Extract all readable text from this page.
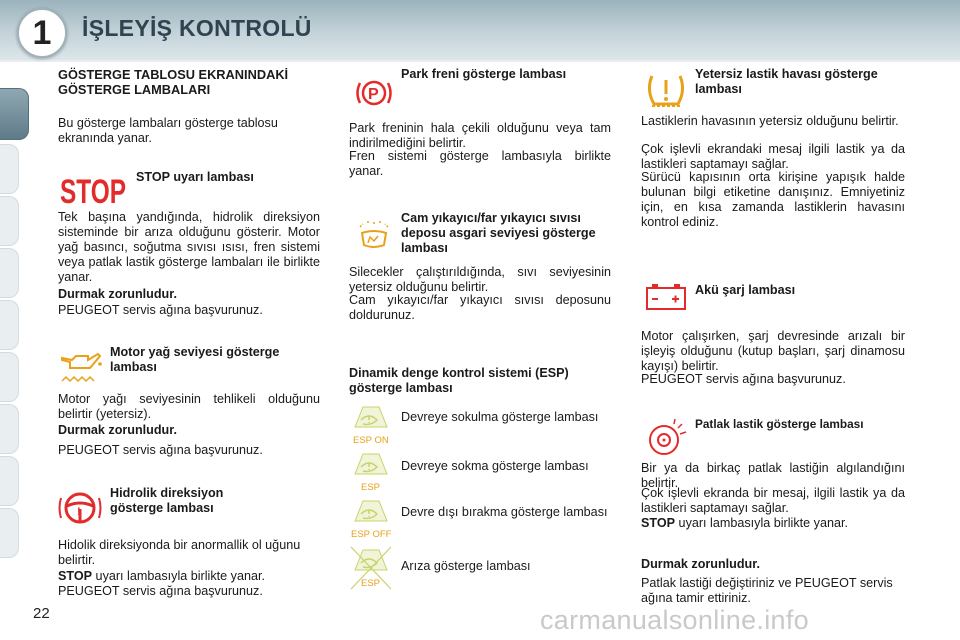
1	İŞLEYİŞ KONTROLÜ
GÖSTERGE TABLOSU EKRANINDAKİ
GÖSTERGE LAMBALARI

Bu gösterge lambaları gösterge tablosu ekranında yanar.

STOP STOP uyarı lambası

Tek başına yandığında, hidrolik direksiyon sisteminde bir arıza olduğunu gösterir. Motor yağ basıncı, soğutma sıvısı ısısı, fren sistemi veya patlak lastik gösterge lambaları ile birlikte yanar.

Durmak zorunludur.

PEUGEOT servis ağına başvurunuz.

Motor yağ seviyesi gösterge lambası

Motor yağı seviyesinin tehlikeli olduğunu belirtir (yetersiz).

Durmak zorunludur.

PEUGEOT servis ağına başvurunuz.

!

Hidrolik direksiyon gösterge lambası

Hidolik direksiyonda bir anormallik ol uğunu belirtir.

STOP uyarı lambasıyla birlikte yanar.

PEUGEOT servis ağına başvurunuz.

P

Park freni gösterge lambası

Park freninin hala çekili olduğunu veya tam indirilmediğini belirtir.

Fren sistemi gösterge lambasıyla birlikte yanar.

Cam yıkayıcı/far yıkayıcı sıvısı deposu asgari seviyesi gösterge lambası

Silecekler çalıştırıldığında, sıvı seviyesinin yetersiz olduğunu belirtir.

Cam yıkayıcı/far yıkayıcı sıvısı deposunu doldurunuz.

Dinamik denge kontrol sistemi (ESP) gösterge lambası

ESP ON

Devreye sokulma gösterge lambası

ESP

Devreye sokma gösterge lambası

ESP OFF

Devre dışı bırakma gösterge lambası

ESP

Arıza gösterge lambası

Yetersiz lastik havası gösterge lambası

Lastiklerin havasının yetersiz olduğunu belirtir.

Çok işlevli ekrandaki mesaj ilgili lastik ya da lastikleri saptamayı sağlar.

Sürücü kapısının orta kirişine yapışık halde bulunan bilgi etiketine danışınız. Emniyetiniz için, en kısa zamanda lastiklerin havasını kontrol ediniz.

Akü şarj lambası

Motor çalışırken, şarj devresinde arızalı bir işleyiş olduğunu (kutup başları, şarj dinamosu kayışı) belirtir.

PEUGEOT servis ağına başvurunuz.

Patlak lastik gösterge lambası

Bir ya da birkaç patlak lastiğin algılandığını belirtir.

Çok işlevli ekranda bir mesaj, ilgili lastik ya da lastikleri saptamayı sağlar.

STOP uyarı lambasıyla birlikte yanar.

Durmak zorunludur.

Patlak lastiği değiştiriniz ve PEUGEOT servis ağına tamir ettiriniz.

22	carmanualsonline.info
